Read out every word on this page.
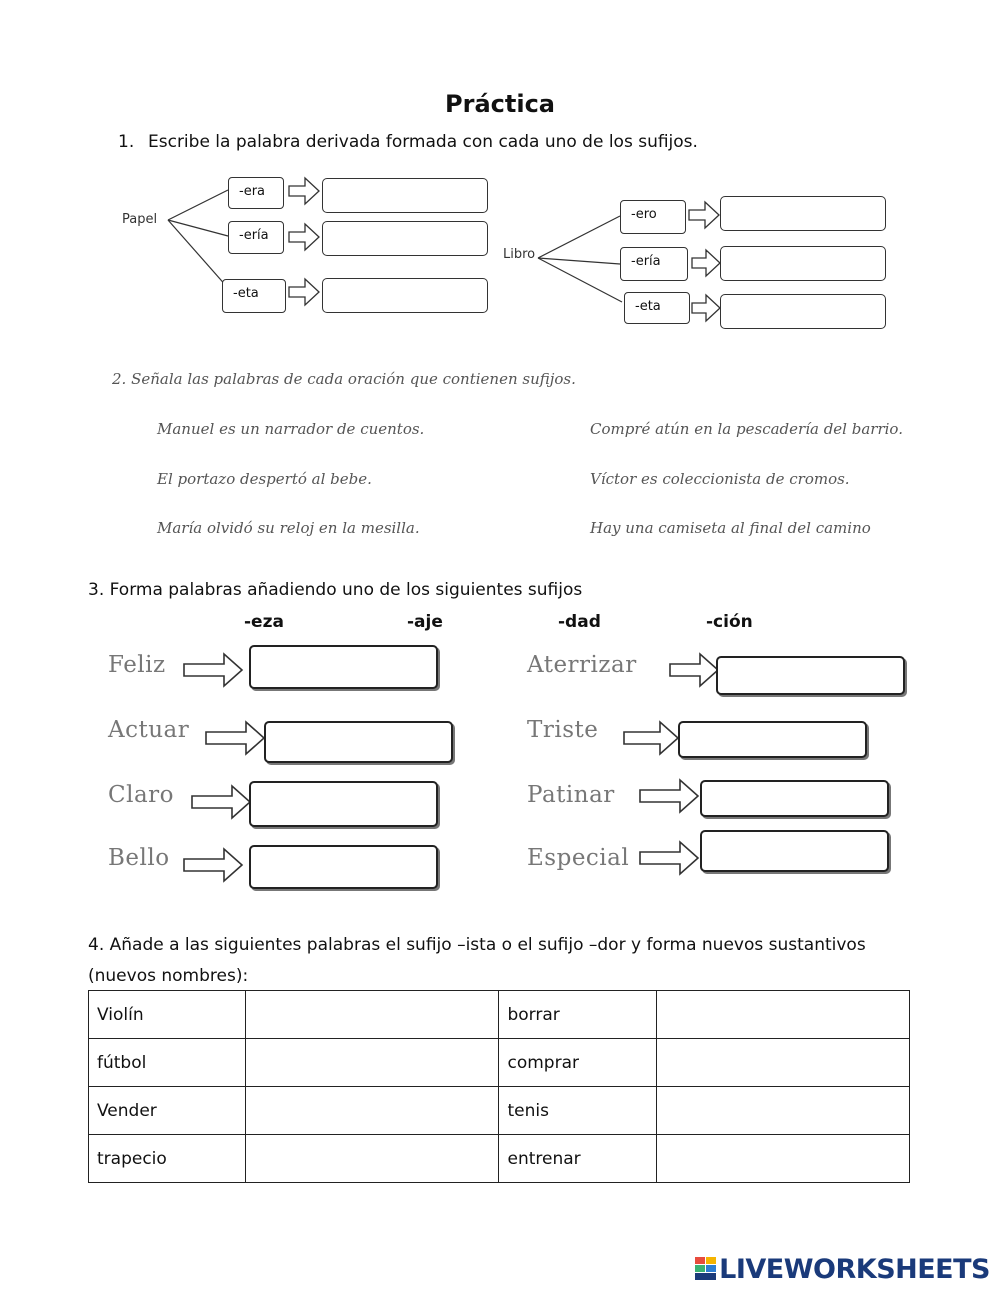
Práctica
1. Escribe la palabra derivada formada con cada uno de los sufijos.
Papel
Libro
-era
-ería
-eta
-ero
-ería
-eta
2. Señala las palabras de cada oración que contienen sufijos.
Manuel es un narrador de cuentos.
El portazo despertó al bebe.
María olvidó su reloj en la mesilla.
Compré atún en la pescadería del barrio.
Víctor es coleccionista de cromos.
Hay una camiseta al final del camino
3. Forma palabras añadiendo uno de los siguientes sufijos
-eza	-aje	-dad	-ción
Feliz
Actuar
Claro
Bello
Aterrizar
Triste
Patinar
Especial
4. Añade a las siguientes palabras el sufijo –ista o el sufijo –dor y forma nuevos sustantivos (nuevos nombres):
Violín		borrar	
fútbol		comprar	
Vender		tenis	
trapecio		entrenar	
LIVEWORKSHEETS
